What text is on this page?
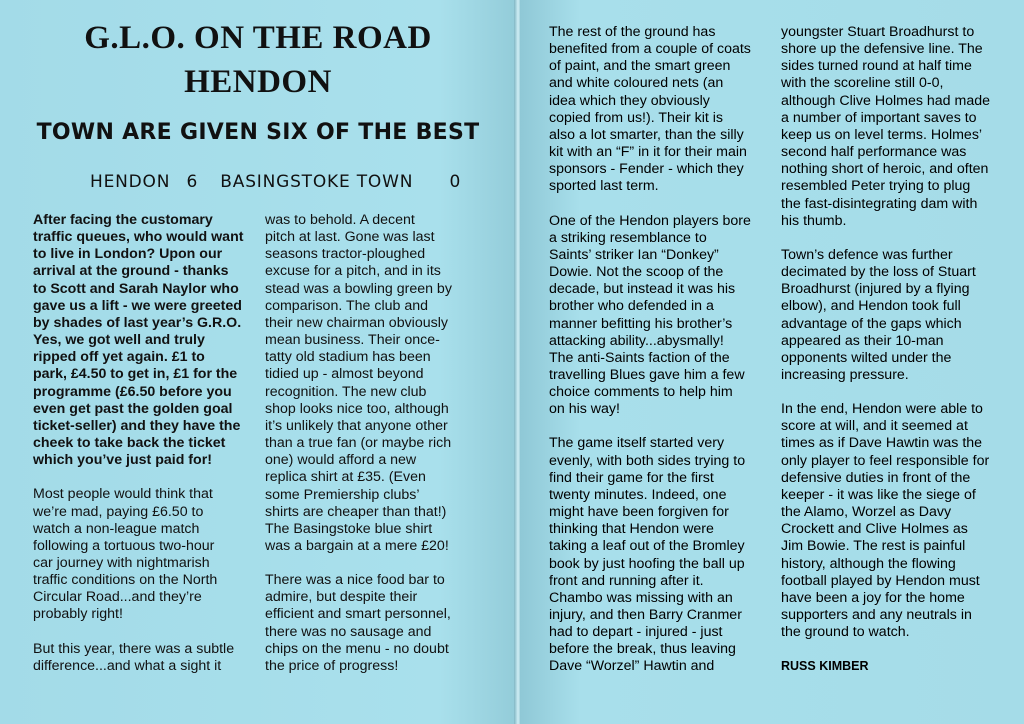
G.L.O. ON THE ROAD
HENDON
TOWN ARE GIVEN SIX OF THE BEST
HENDON 6 BASINGSTOKE TOWN 0

After facing the customary
traffic queues, who would want
to live in London? Upon our
arrival at the ground - thanks
to Scott and Sarah Naylor who
gave us a lift - we were greeted
by shades of last year’s G.R.O.
Yes, we got well and truly
ripped off yet again. £1 to
park, £4.50 to get in, £1 for the
programme (£6.50 before you
even get past the golden goal
ticket-seller) and they have the
cheek to take back the ticket
which you’ve just paid for!

Most people would think that
we’re mad, paying £6.50 to
watch a non-league match
following a tortuous two-hour
car journey with nightmarish
traffic conditions on the North
Circular Road...and they’re
probably right!

But this year, there was a subtle
difference...and what a sight it

was to behold. A decent
pitch at last. Gone was last
seasons tractor-ploughed
excuse for a pitch, and in its
stead was a bowling green by
comparison. The club and
their new chairman obviously
mean business. Their once-
tatty old stadium has been
tidied up - almost beyond
recognition. The new club
shop looks nice too, although
it’s unlikely that anyone other
than a true fan (or maybe rich
one) would afford a new
replica shirt at £35. (Even
some Premiership clubs’
shirts are cheaper than that!)
The Basingstoke blue shirt
was a bargain at a mere £20!

There was a nice food bar to
admire, but despite their
efficient and smart personnel,
there was no sausage and
chips on the menu - no doubt
the price of progress!

The rest of the ground has
benefited from a couple of coats
of paint, and the smart green
and white coloured nets (an
idea which they obviously
copied from us!). Their kit is
also a lot smarter, than the silly
kit with an “F” in it for their main
sponsors - Fender - which they
sported last term.

One of the Hendon players bore
a striking resemblance to
Saints’ striker Ian “Donkey”
Dowie. Not the scoop of the
decade, but instead it was his
brother who defended in a
manner befitting his brother’s
attacking ability...abysmally!
The anti-Saints faction of the
travelling Blues gave him a few
choice comments to help him
on his way!

The game itself started very
evenly, with both sides trying to
find their game for the first
twenty minutes. Indeed, one
might have been forgiven for
thinking that Hendon were
taking a leaf out of the Bromley
book by just hoofing the ball up
front and running after it.
Chambo was missing with an
injury, and then Barry Cranmer
had to depart - injured - just
before the break, thus leaving
Dave “Worzel” Hawtin and

youngster Stuart Broadhurst to
shore up the defensive line. The
sides turned round at half time
with the scoreline still 0-0,
although Clive Holmes had made
a number of important saves to
keep us on level terms. Holmes’
second half performance was
nothing short of heroic, and often
resembled Peter trying to plug
the fast-disintegrating dam with
his thumb.

Town’s defence was further
decimated by the loss of Stuart
Broadhurst (injured by a flying
elbow), and Hendon took full
advantage of the gaps which
appeared as their 10-man
opponents wilted under the
increasing pressure.

In the end, Hendon were able to
score at will, and it seemed at
times as if Dave Hawtin was the
only player to feel responsible for
defensive duties in front of the
keeper - it was like the siege of
the Alamo, Worzel as Davy
Crockett and Clive Holmes as
Jim Bowie. The rest is painful
history, although the flowing
football played by Hendon must
have been a joy for the home
supporters and any neutrals in
the ground to watch.

RUSS KIMBER
